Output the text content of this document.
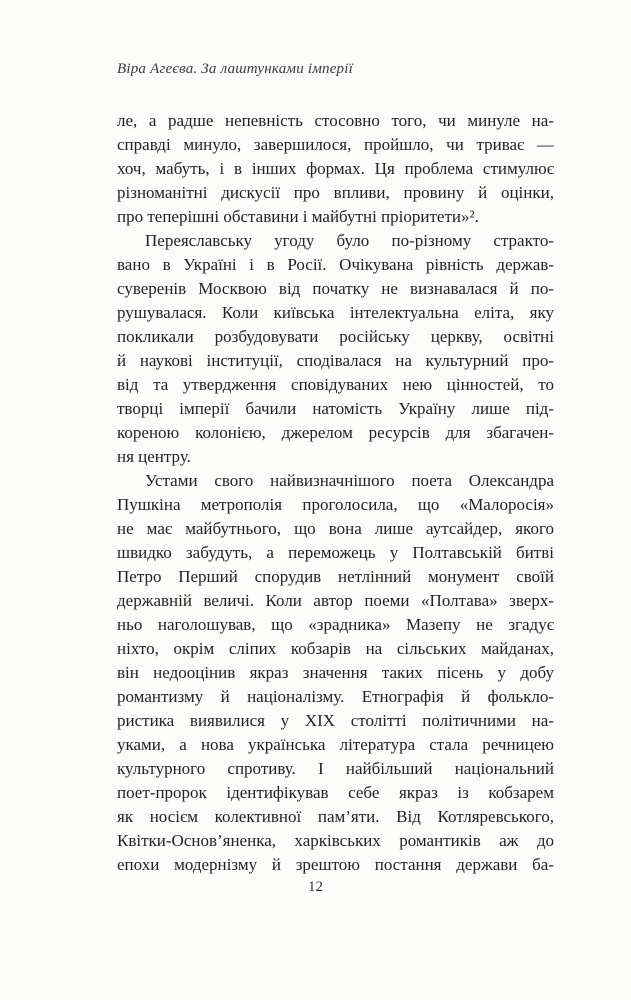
Віра Агеєва. За лаштунками імперії
ле, а радше непевність стосовно того, чи минуле на-
справді минуло, завершилося, пройшло, чи триває —
хоч, мабуть, і в інших формах. Ця проблема стимулює
різноманітні дискусії про впливи, провину й оцінки,
про теперішні обставини і майбутні пріоритети»².
Переяславську угоду було по-різному стракто-
вано в Україні і в Росії. Очікувана рівність держав-
суверенів Москвою від початку не визнавалася й по-
рушувалася. Коли київська інтелектуальна еліта, яку
покликали розбудовувати російську церкву, освітні
й наукові інституції, сподівалася на культурний про-
від та утвердження сповідуваних нею цінностей, то
творці імперії бачили натомість Україну лише під-
кореною колонією, джерелом ресурсів для збагачен-
ня центру.
Устами свого найвизначнішого поета Олександра
Пушкіна метрополія проголосила, що «Малоросія»
не має майбутнього, що вона лише аутсайдер, якого
швидко забудуть, а переможець у Полтавській битві
Петро Перший спорудив нетлінний монумент своїй
державній величі. Коли автор поеми «Полтава» зверх-
ньо наголошував, що «зрадника» Мазепу не згадує
ніхто, окрім сліпих кобзарів на сільських майданах,
він недооцінив якраз значення таких пісень у добу
романтизму й націоналізму. Етнографія й фолькло-
ристика виявилися у XIX столітті політичними на-
уками, а нова українська література стала речницею
культурного спротиву. І найбільший національний
поет-пророк ідентифікував себе якраз із кобзарем
як носієм колективної пам’яти. Від Котляревського,
Квітки-Основ’яненка, харківських романтиків аж до
епохи модернізму й зрештою постання держави ба-
12
